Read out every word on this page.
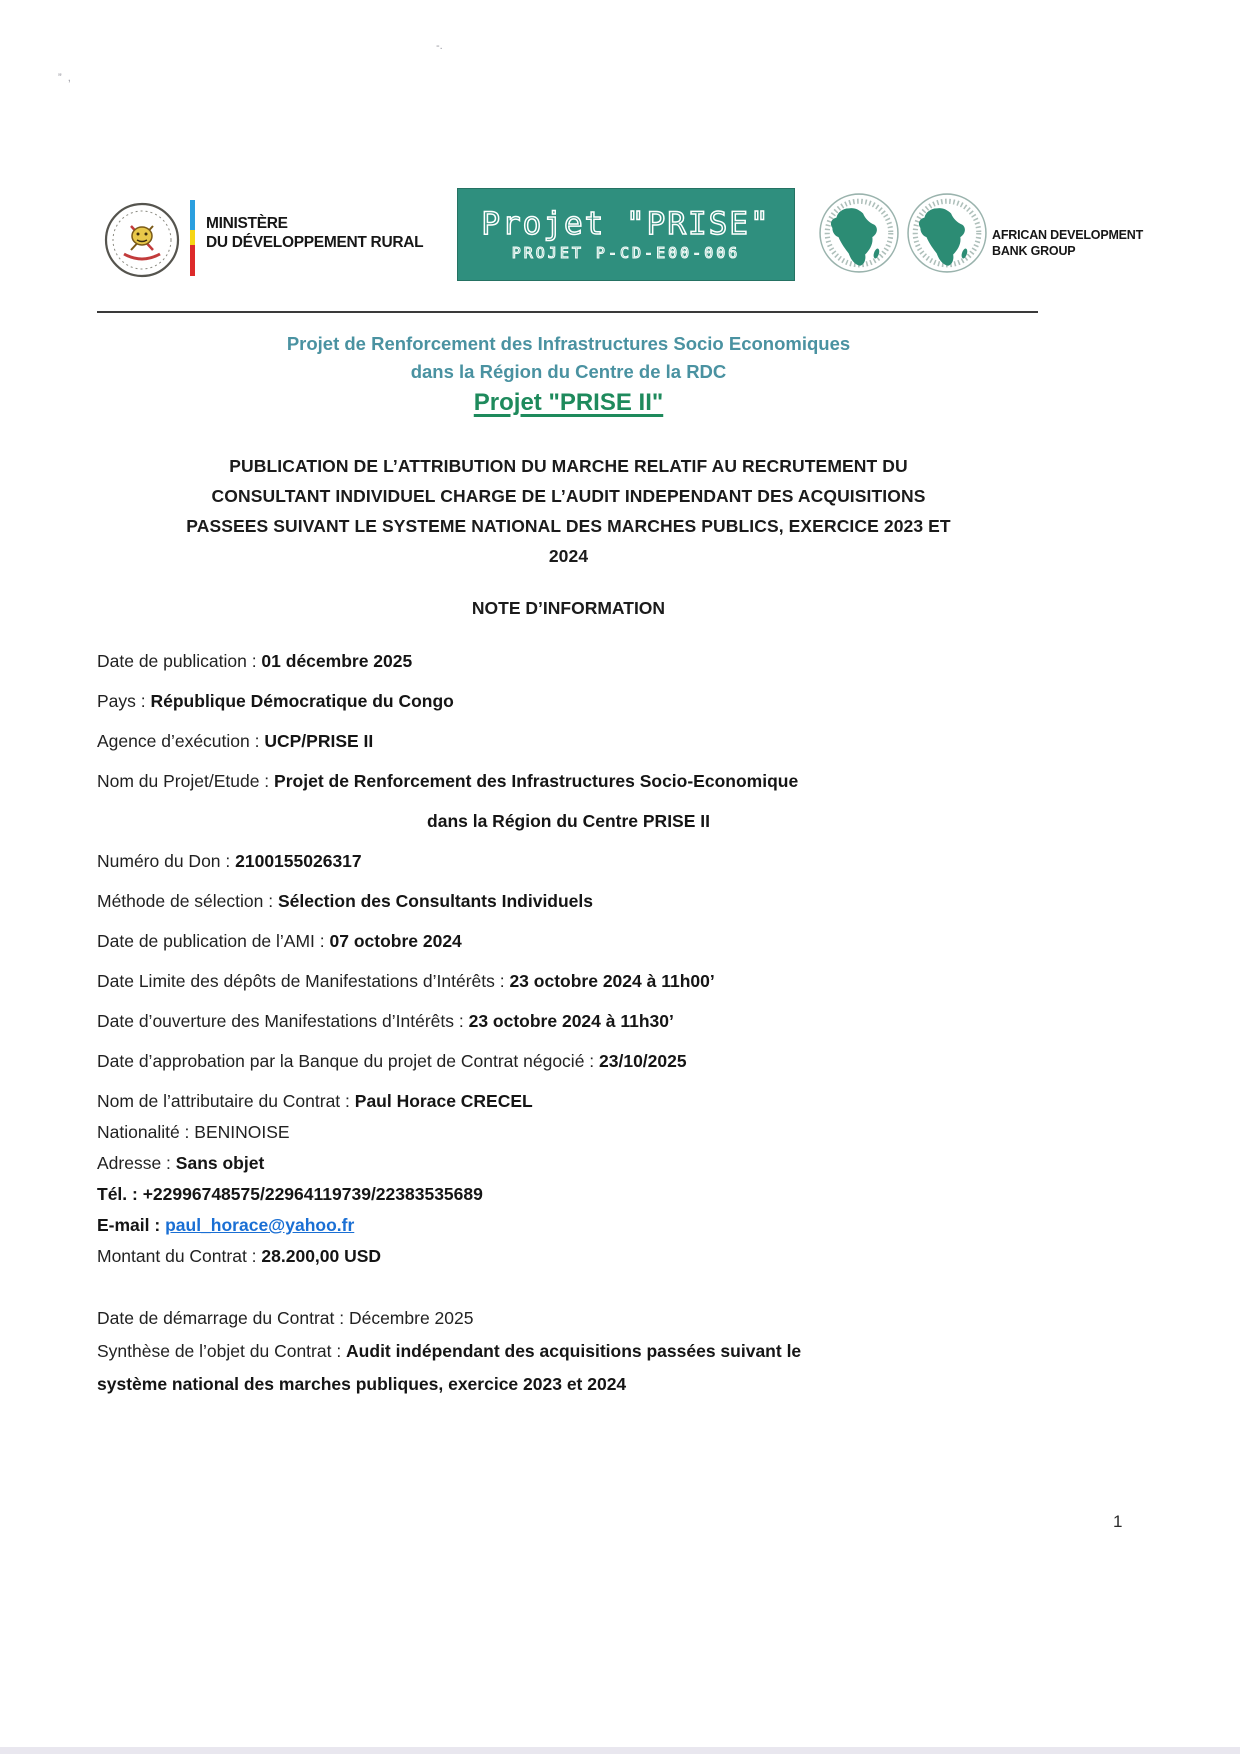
MINISTÈRE
DU DÉVELOPPEMENT RURAL
Projet "PRISE"
PROJET P-CD-E00-006
AFRICAN DEVELOPMENT
BANK GROUP
Projet de Renforcement des Infrastructures Socio Economiques
dans la Région du Centre de la RDC
Projet "PRISE II"
PUBLICATION DE L’ATTRIBUTION DU MARCHE RELATIF AU RECRUTEMENT DU
CONSULTANT INDIVIDUEL CHARGE DE L’AUDIT INDEPENDANT DES ACQUISITIONS
PASSEES SUIVANT LE SYSTEME NATIONAL DES MARCHES PUBLICS, EXERCICE 2023 ET
2024
NOTE D’INFORMATION

Date de publication : 01 décembre 2025

Pays : République Démocratique du Congo

Agence d’exécution : UCP/PRISE II

Nom du Projet/Etude : Projet de Renforcement des Infrastructures Socio-Economique
dans la Région du Centre PRISE II

Numéro du Don : 2100155026317

Méthode de sélection : Sélection des Consultants Individuels

Date de publication de l’AMI : 07 octobre 2024

Date Limite des dépôts de Manifestations d’Intérêts : 23 octobre 2024 à 11h00’

Date d’ouverture des Manifestations d’Intérêts : 23 octobre 2024 à 11h30’

Date d’approbation par la Banque du projet de Contrat négocié : 23/10/2025

Nom de l’attributaire du Contrat : Paul Horace CRECEL

Nationalité : BENINOISE

Adresse : Sans objet

Tél. : +22996748575/22964119739/22383535689

E-mail : paul_horace@yahoo.fr

Montant du Contrat : 28.200,00 USD

Date de démarrage du Contrat : Décembre 2025

Synthèse de l’objet du Contrat : Audit indépendant des acquisitions passées suivant le
système national des marches publiques, exercice 2023 et 2024

1
”  ,
-.
